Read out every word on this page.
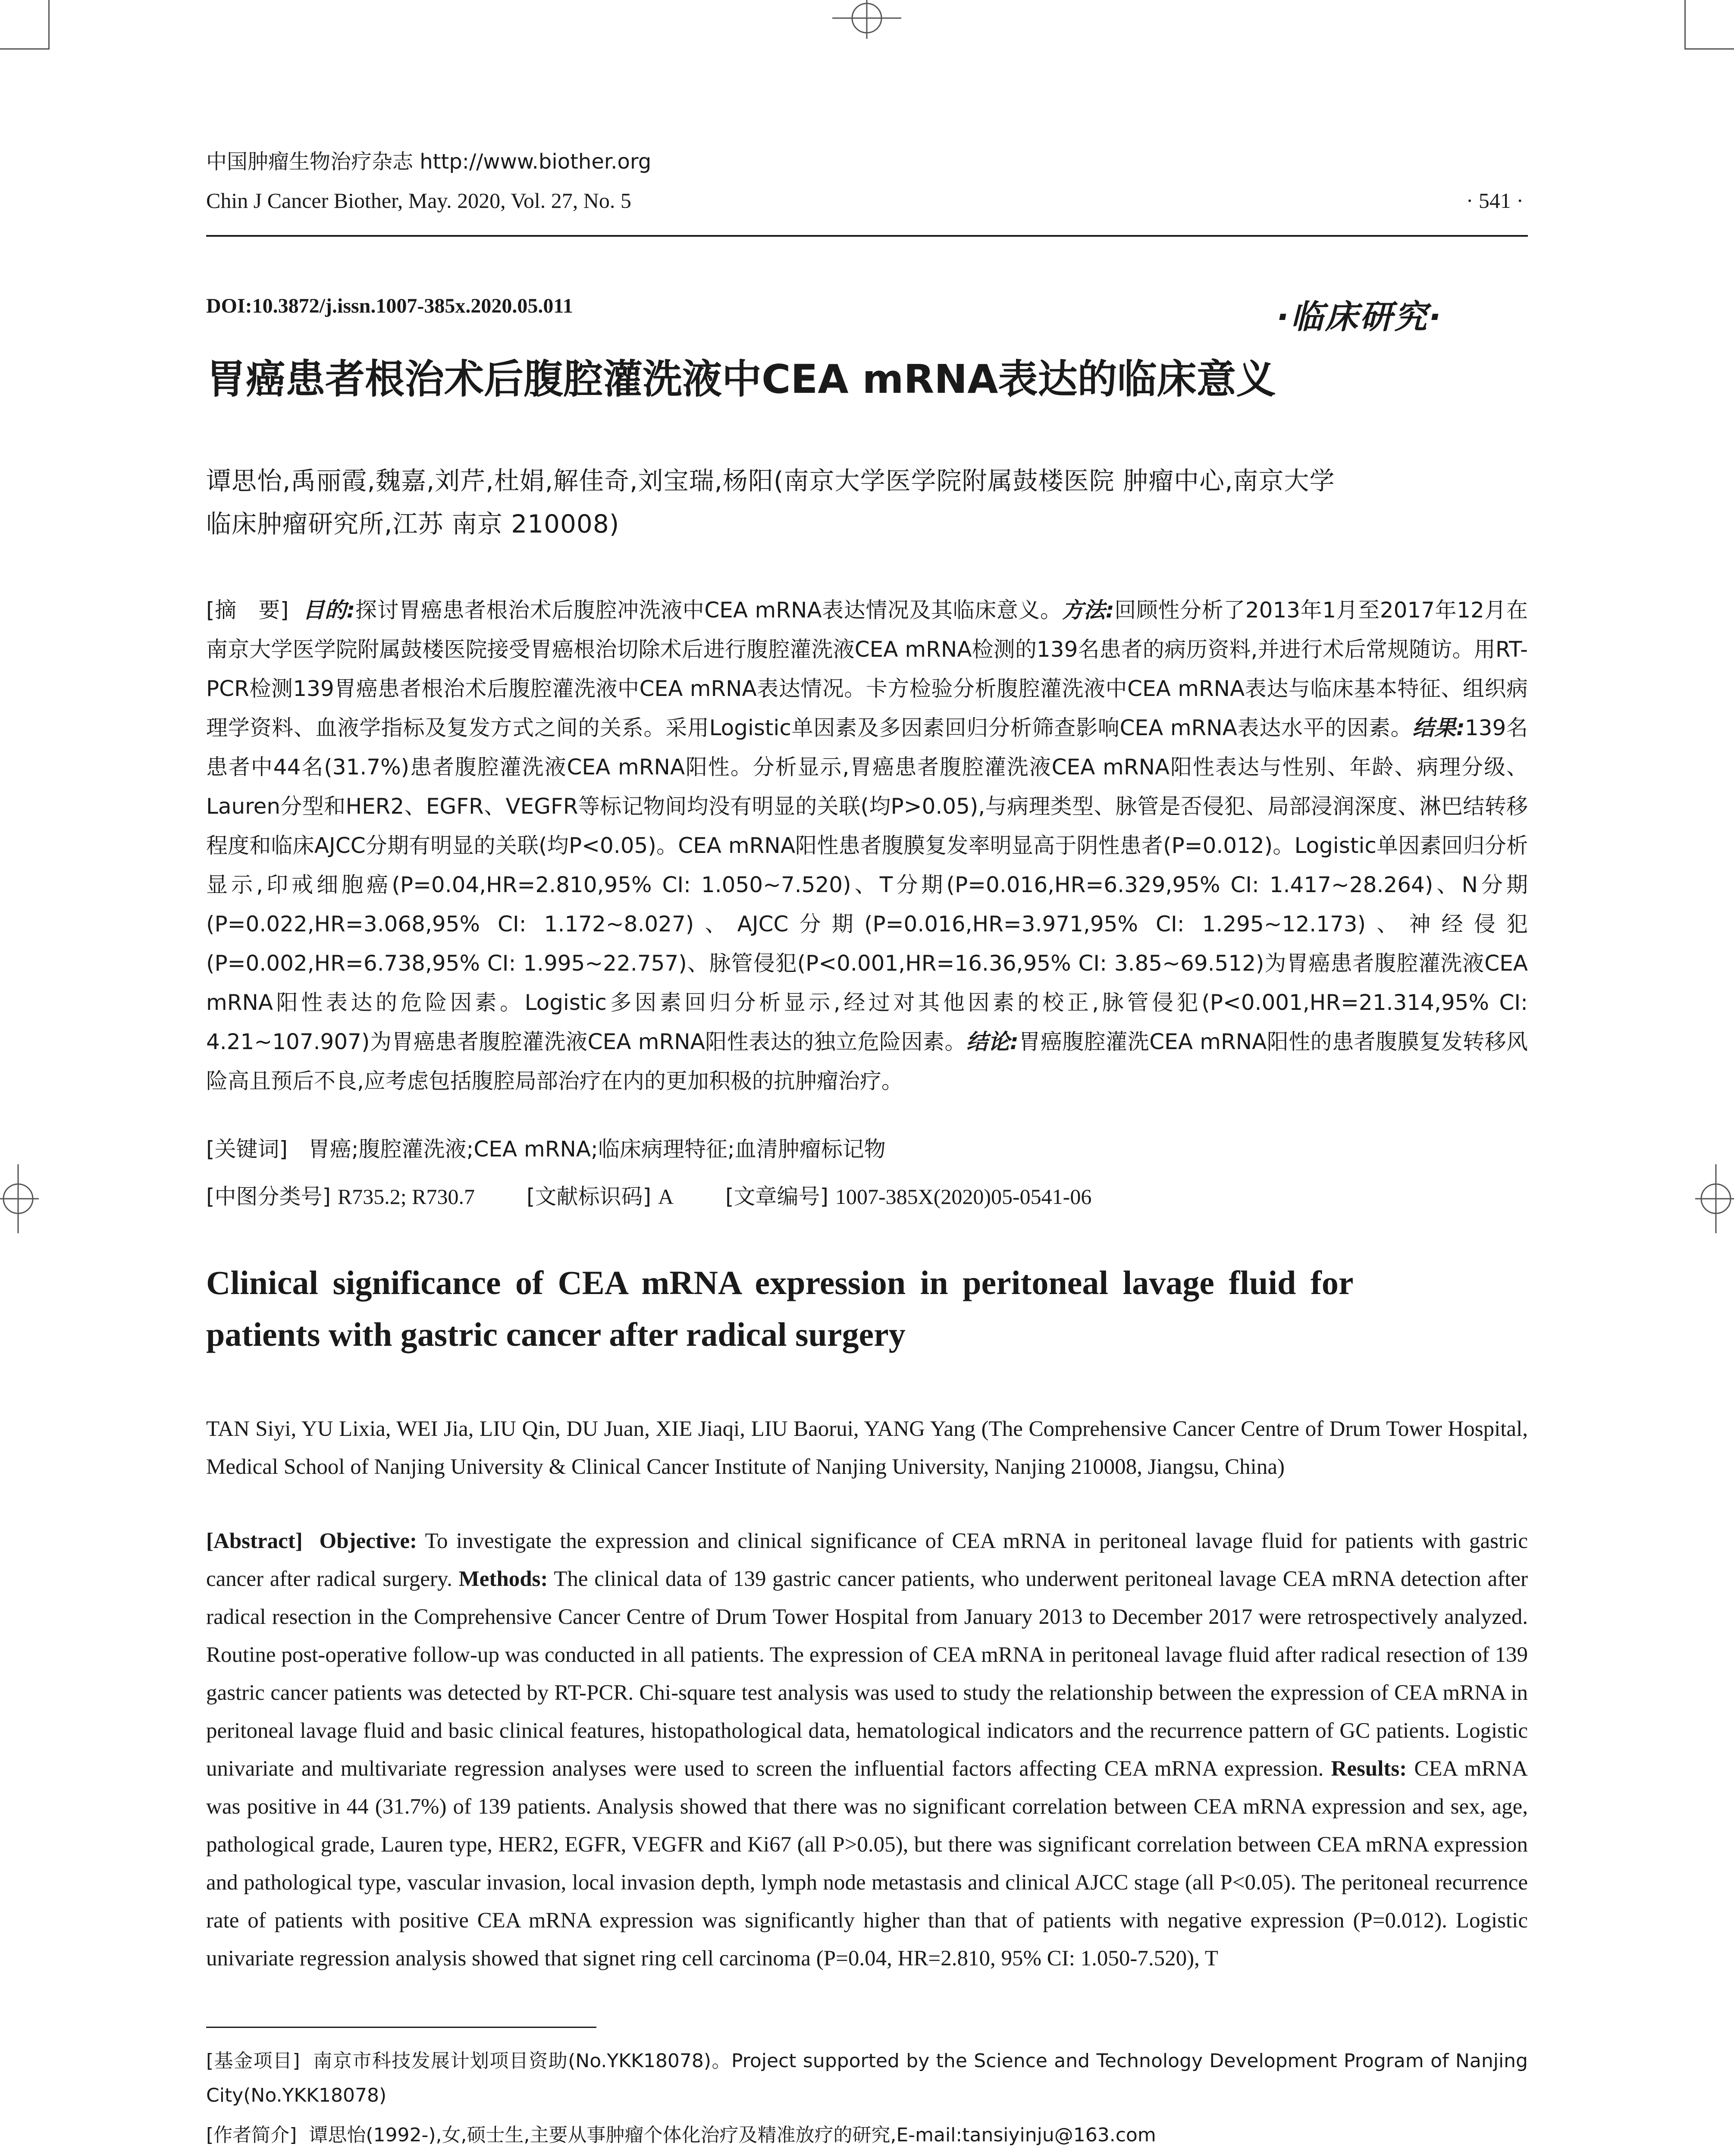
中国肿瘤生物治疗杂志 http://www.biother.org
Chin J Cancer Biother, May. 2020, Vol. 27, No. 5	· 541 ·
DOI:10.3872/j.issn.1007-385x.2020.05.011	·临床研究·
胃癌患者根治术后腹腔灌洗液中CEA mRNA表达的临床意义
谭思怡,禹丽霞,魏嘉,刘芹,杜娟,解佳奇,刘宝瑞,杨阳(南京大学医学院附属鼓楼医院 肿瘤中心,南京大学
临床肿瘤研究所,江苏 南京 210008)

[摘　要] 目的:探讨胃癌患者根治术后腹腔冲洗液中CEA mRNA表达情况及其临床意义。方法:回顾性分析了2013年1月至2017年12月在南京大学医学院附属鼓楼医院接受胃癌根治切除术后进行腹腔灌洗液CEA mRNA检测的139名患者的病历资料,并进行术后常规随访。用RT-PCR检测139胃癌患者根治术后腹腔灌洗液中CEA mRNA表达情况。卡方检验分析腹腔灌洗液中CEA mRNA表达与临床基本特征、组织病理学资料、血液学指标及复发方式之间的关系。采用Logistic单因素及多因素回归分析筛查影响CEA mRNA表达水平的因素。结果:139名患者中44名(31.7%)患者腹腔灌洗液CEA mRNA阳性。分析显示,胃癌患者腹腔灌洗液CEA mRNA阳性表达与性别、年龄、病理分级、Lauren分型和HER2、EGFR、VEGFR等标记物间均没有明显的关联(均P>0.05),与病理类型、脉管是否侵犯、局部浸润深度、淋巴结转移程度和临床AJCC分期有明显的关联(均P<0.05)。CEA mRNA阳性患者腹膜复发率明显高于阴性患者(P=0.012)。Logistic单因素回归分析显示,印戒细胞癌(P=0.04,HR=2.810,95% CI: 1.050~7.520)、T分期(P=0.016,HR=6.329,95% CI: 1.417~28.264)、N分期(P=0.022,HR=3.068,95% CI: 1.172~8.027)、AJCC分期(P=0.016,HR=3.971,95% CI: 1.295~12.173)、神经侵犯(P=0.002,HR=6.738,95% CI: 1.995~22.757)、脉管侵犯(P<0.001,HR=16.36,95% CI: 3.85~69.512)为胃癌患者腹腔灌洗液CEA mRNA阳性表达的危险因素。Logistic多因素回归分析显示,经过对其他因素的校正,脉管侵犯(P<0.001,HR=21.314,95% CI: 4.21~107.907)为胃癌患者腹腔灌洗液CEA mRNA阳性表达的独立危险因素。结论:胃癌腹腔灌洗CEA mRNA阳性的患者腹膜复发转移风险高且预后不良,应考虑包括腹腔局部治疗在内的更加积极的抗肿瘤治疗。

[关键词] 胃癌;腹腔灌洗液;CEA mRNA;临床病理特征;血清肿瘤标记物
[中图分类号] R735.2; R730.7 [文献标识码] A [文章编号] 1007-385X(2020)05-0541-06
Clinical significance of CEA mRNA expression in peritoneal lavage fluid for
patients with gastric cancer after radical surgery
TAN Siyi, YU Lixia, WEI Jia, LIU Qin, DU Juan, XIE Jiaqi, LIU Baorui, YANG Yang (The Comprehensive Cancer Centre of Drum Tower Hospital, Medical School of Nanjing University & Clinical Cancer Institute of Nanjing University, Nanjing 210008, Jiangsu, China)

[Abstract] Objective: To investigate the expression and clinical significance of CEA mRNA in peritoneal lavage fluid for patients with gastric cancer after radical surgery. Methods: The clinical data of 139 gastric cancer patients, who underwent peritoneal lavage CEA mRNA detection after radical resection in the Comprehensive Cancer Centre of Drum Tower Hospital from January 2013 to December 2017 were retrospectively analyzed. Routine post-operative follow-up was conducted in all patients. The expression of CEA mRNA in peritoneal lavage fluid after radical resection of 139 gastric cancer patients was detected by RT-PCR. Chi-square test analysis was used to study the relationship between the expression of CEA mRNA in peritoneal lavage fluid and basic clinical features, histopathological data, hematological indicators and the recurrence pattern of GC patients. Logistic univariate and multivariate regression analyses were used to screen the influential factors affecting CEA mRNA expression. Results: CEA mRNA was positive in 44 (31.7%) of 139 patients. Analysis showed that there was no significant correlation between CEA mRNA expression and sex, age, pathological grade, Lauren type, HER2, EGFR, VEGFR and Ki67 (all P>0.05), but there was significant correlation between CEA mRNA expression and pathological type, vascular invasion, local invasion depth, lymph node metastasis and clinical AJCC stage (all P<0.05). The peritoneal recurrence rate of patients with positive CEA mRNA expression was significantly higher than that of patients with negative expression (P=0.012). Logistic univariate regression analysis showed that signet ring cell carcinoma (P=0.04, HR=2.810, 95% CI: 1.050-7.520), T

[基金项目] 南京市科技发展计划项目资助(No.YKK18078)。Project supported by the Science and Technology Development Program of Nanjing City(No.YKK18078)

[作者简介] 谭思怡(1992-),女,硕士生,主要从事肿瘤个体化治疗及精准放疗的研究,E-mail:tansiyinju@163.com
